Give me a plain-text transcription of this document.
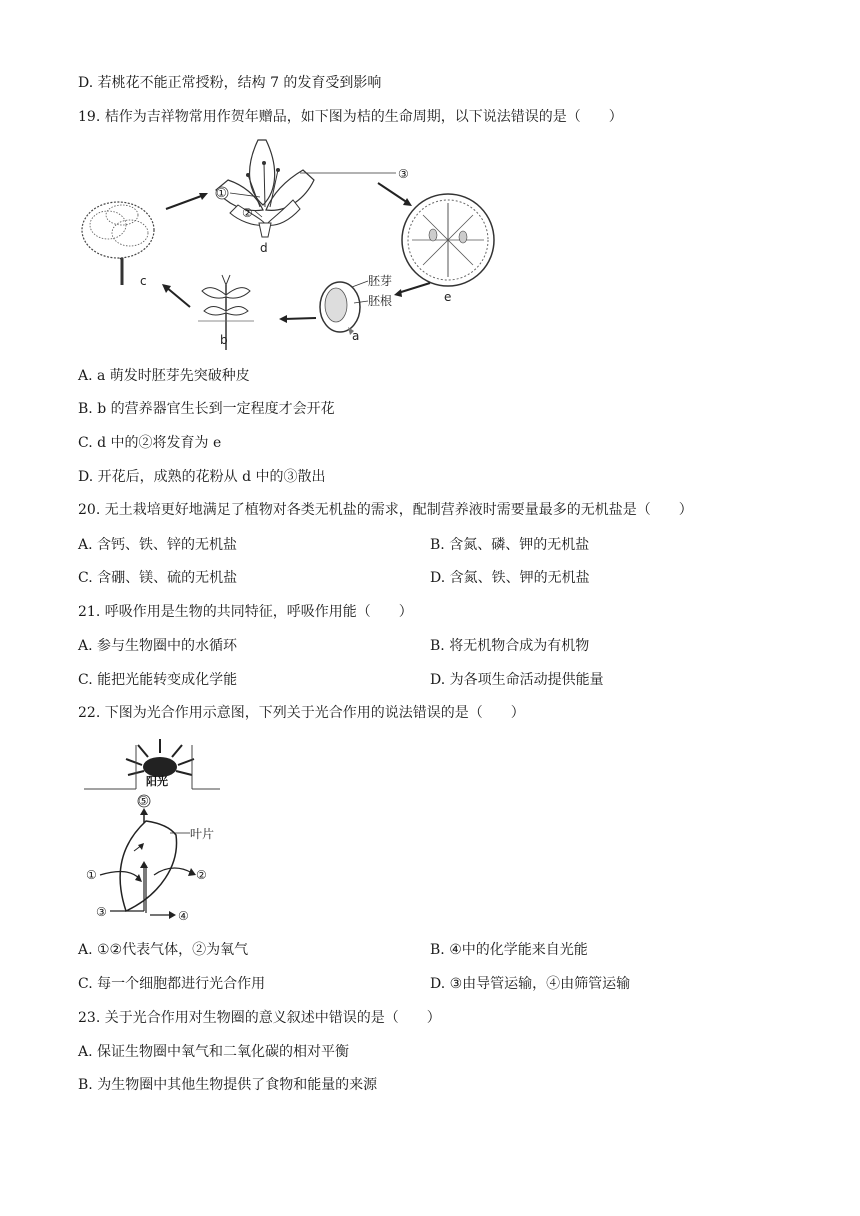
D. 若桃花不能正常授粉，结构 7 的发育受到影响
19. 桔作为吉祥物常用作贺年赠品，如下图为桔的生命周期，以下说法错误的是（　　）
c
d
①
②
③
e
胚芽
胚根
a
b
A. a 萌发时胚芽先突破种皮
B. b 的营养器官生长到一定程度才会开花
C. d 中的②将发育为 e
D. 开花后，成熟的花粉从 d 中的③散出
20. 无土栽培更好地满足了植物对各类无机盐的需求，配制营养液时需要量最多的无机盐是（　　）
A. 含钙、铁、锌的无机盐	B. 含氮、磷、钾的无机盐
C. 含硼、镁、硫的无机盐	D. 含氮、铁、钾的无机盐
21. 呼吸作用是生物的共同特征，呼吸作用能（　　）
A. 参与生物圈中的水循环	B. 将无机物合成为有机物
C. 能把光能转变成化学能	D. 为各项生命活动提供能量
22. 下图为光合作用示意图，下列关于光合作用的说法错误的是（　　）
阳光
⑤
叶片
①	②
③	④
A. ①②代表气体，②为氧气	B. ④中的化学能来自光能
C. 每一个细胞都进行光合作用	D. ③由导管运输，④由筛管运输
23. 关于光合作用对生物圈的意义叙述中错误的是（　　）
A. 保证生物圈中氧气和二氧化碳的相对平衡
B. 为生物圈中其他生物提供了食物和能量的来源
